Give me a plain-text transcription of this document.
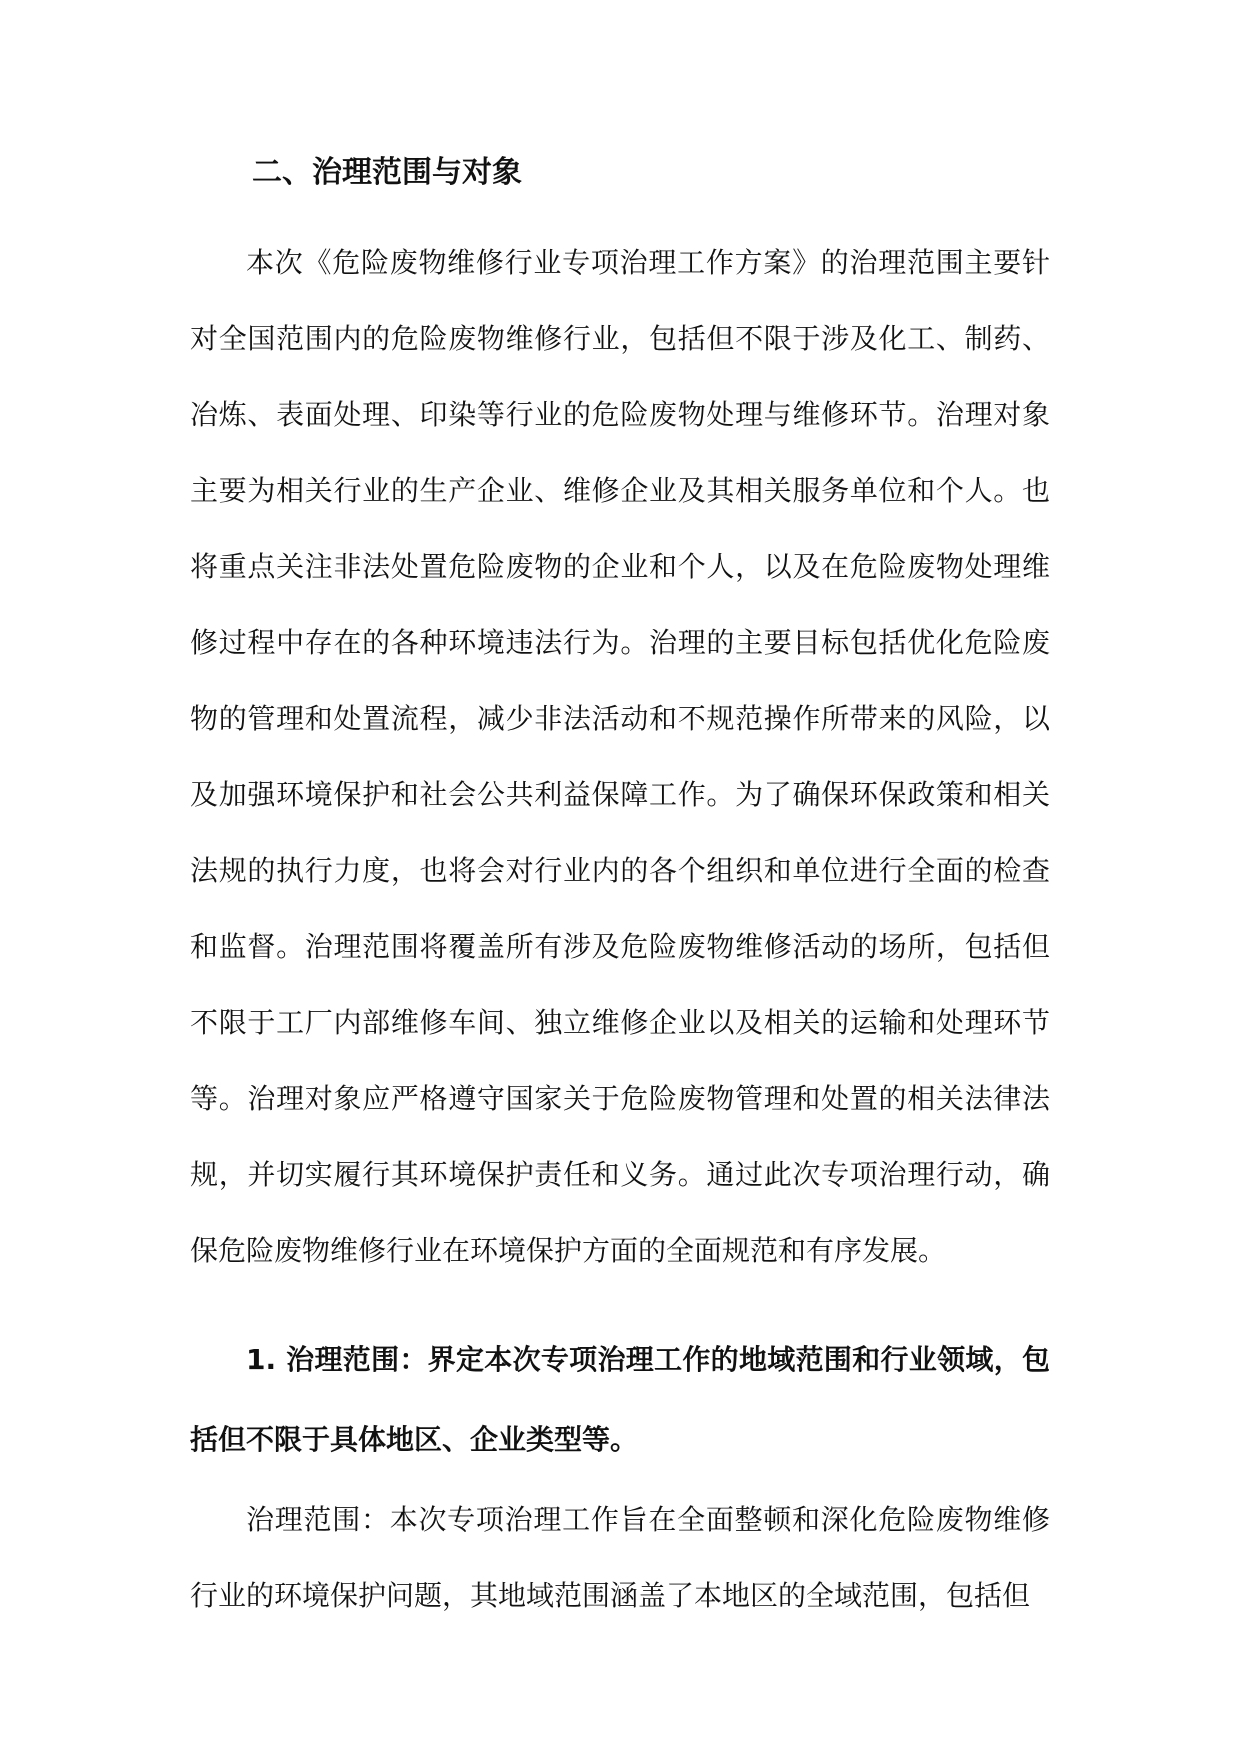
二、治理范围与对象

本次《危险废物维修行业专项治理工作方案》的治理范围主要针对全国范围内的危险废物维修行业，包括但不限于涉及化工、制药、冶炼、表面处理、印染等行业的危险废物处理与维修环节。治理对象主要为相关行业的生产企业、维修企业及其相关服务单位和个人。也将重点关注非法处置危险废物的企业和个人，以及在危险废物处理维修过程中存在的各种环境违法行为。治理的主要目标包括优化危险废物的管理和处置流程，减少非法活动和不规范操作所带来的风险，以及加强环境保护和社会公共利益保障工作。为了确保环保政策和相关法规的执行力度，也将会对行业内的各个组织和单位进行全面的检查和监督。治理范围将覆盖所有涉及危险废物维修活动的场所，包括但不限于工厂内部维修车间、独立维修企业以及相关的运输和处理环节等。治理对象应严格遵守国家关于危险废物管理和处置的相关法律法规，并切实履行其环境保护责任和义务。通过此次专项治理行动，确保危险废物维修行业在环境保护方面的全面规范和有序发展。

1. 治理范围：界定本次专项治理工作的地域范围和行业领域，包括但不限于具体地区、企业类型等。

治理范围：本次专项治理工作旨在全面整顿和深化危险废物维修行业的环境保护问题，其地域范围涵盖了本地区的全域范围，包括但
